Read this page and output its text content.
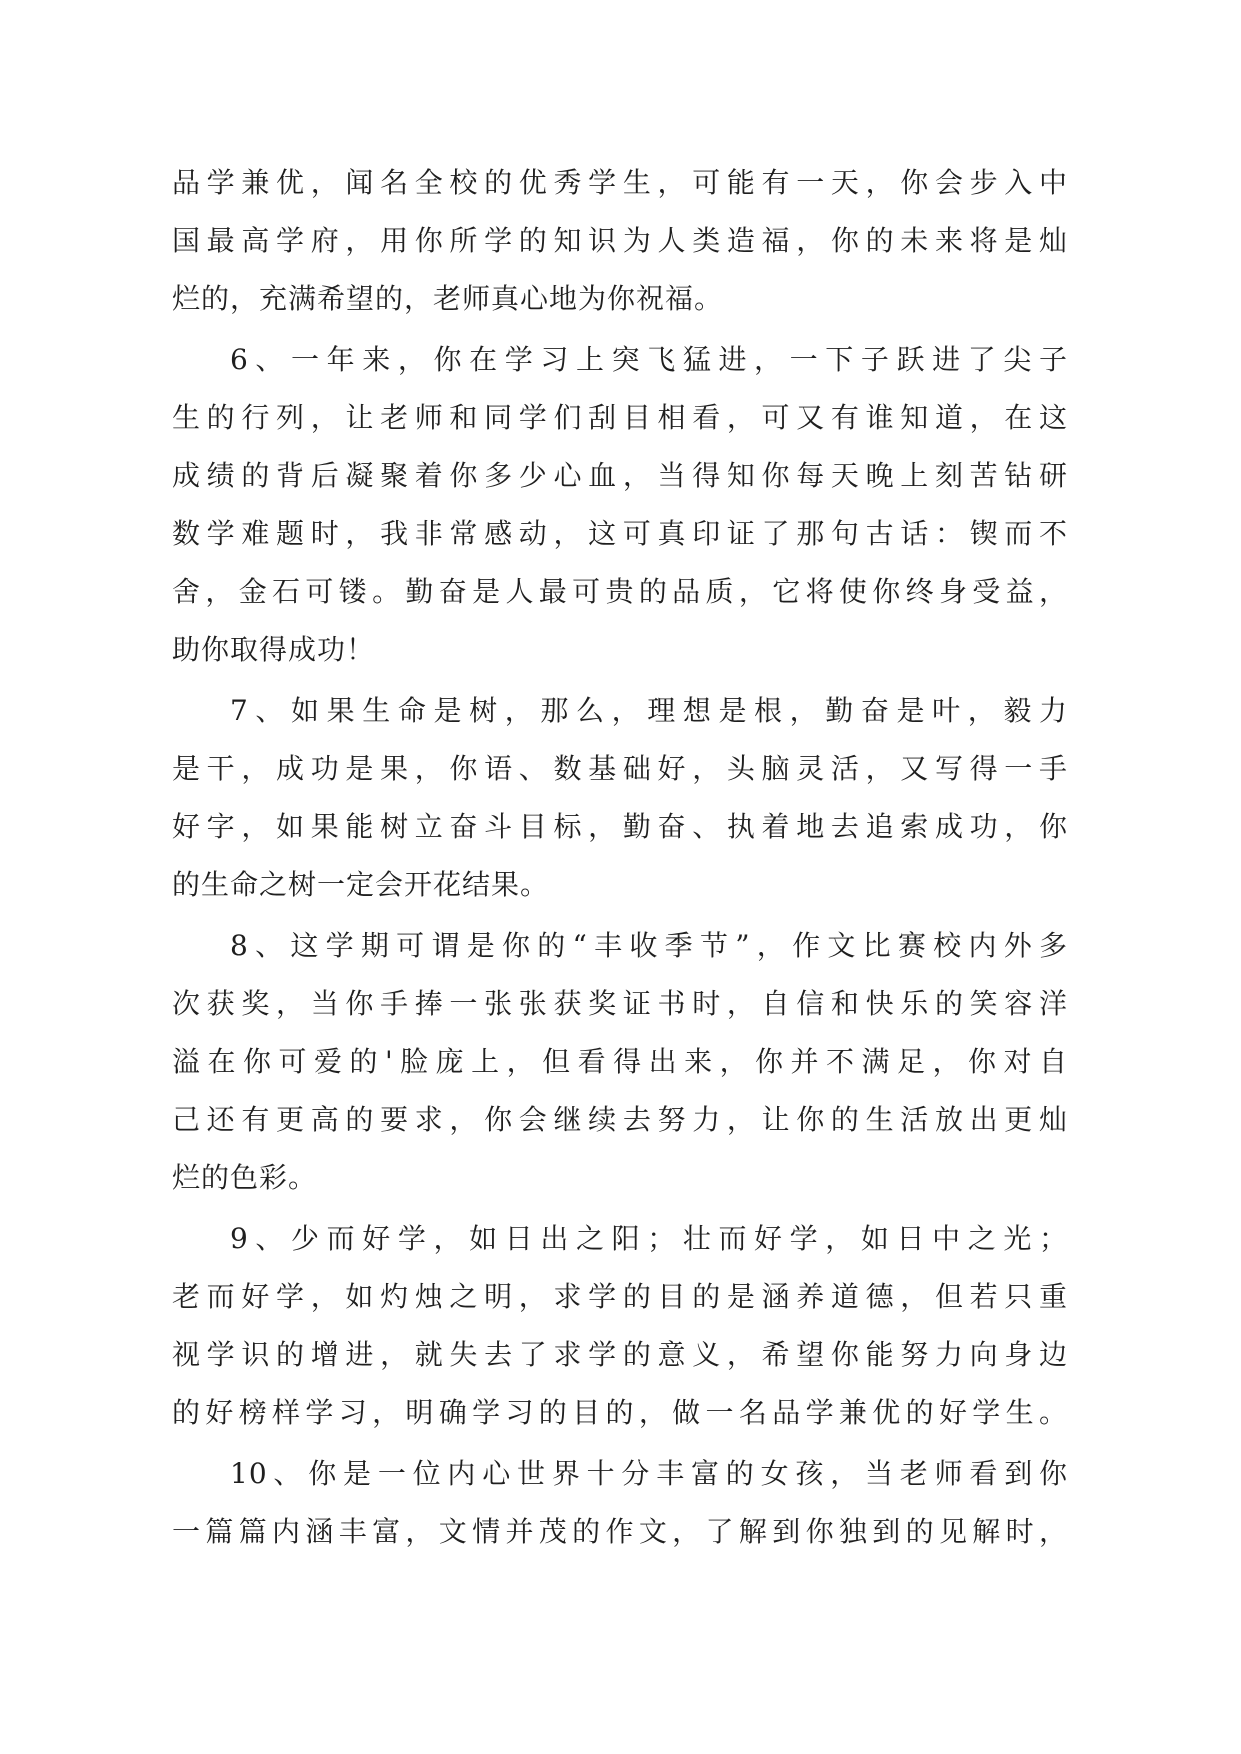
品学兼优，闻名全校的优秀学生，可能有一天，你会步入中
国最高学府，用你所学的知识为人类造福，你的未来将是灿
烂的，充满希望的，老师真心地为你祝福。
6、一年来，你在学习上突飞猛进，一下子跃进了尖子
生的行列，让老师和同学们刮目相看，可又有谁知道，在这
成绩的背后凝聚着你多少心血，当得知你每天晚上刻苦钻研
数学难题时，我非常感动，这可真印证了那句古话：锲而不
舍，金石可镂。勤奋是人最可贵的品质，它将使你终身受益，
助你取得成功！
7、如果生命是树，那么，理想是根，勤奋是叶，毅力
是干，成功是果，你语、数基础好，头脑灵活，又写得一手
好字，如果能树立奋斗目标，勤奋、执着地去追索成功，你
的生命之树一定会开花结果。
8、这学期可谓是你的“丰收季节”，作文比赛校内外多
次获奖，当你手捧一张张获奖证书时，自信和快乐的笑容洋
溢在你可爱的'脸庞上，但看得出来，你并不满足，你对自
己还有更高的要求，你会继续去努力，让你的生活放出更灿
烂的色彩。
9、少而好学，如日出之阳；壮而好学，如日中之光；
老而好学，如灼烛之明，求学的目的是涵养道德，但若只重
视学识的增进，就失去了求学的意义，希望你能努力向身边
的好榜样学习，明确学习的目的，做一名品学兼优的好学生。
10、你是一位内心世界十分丰富的女孩，当老师看到你
一篇篇内涵丰富，文情并茂的作文，了解到你独到的见解时，
